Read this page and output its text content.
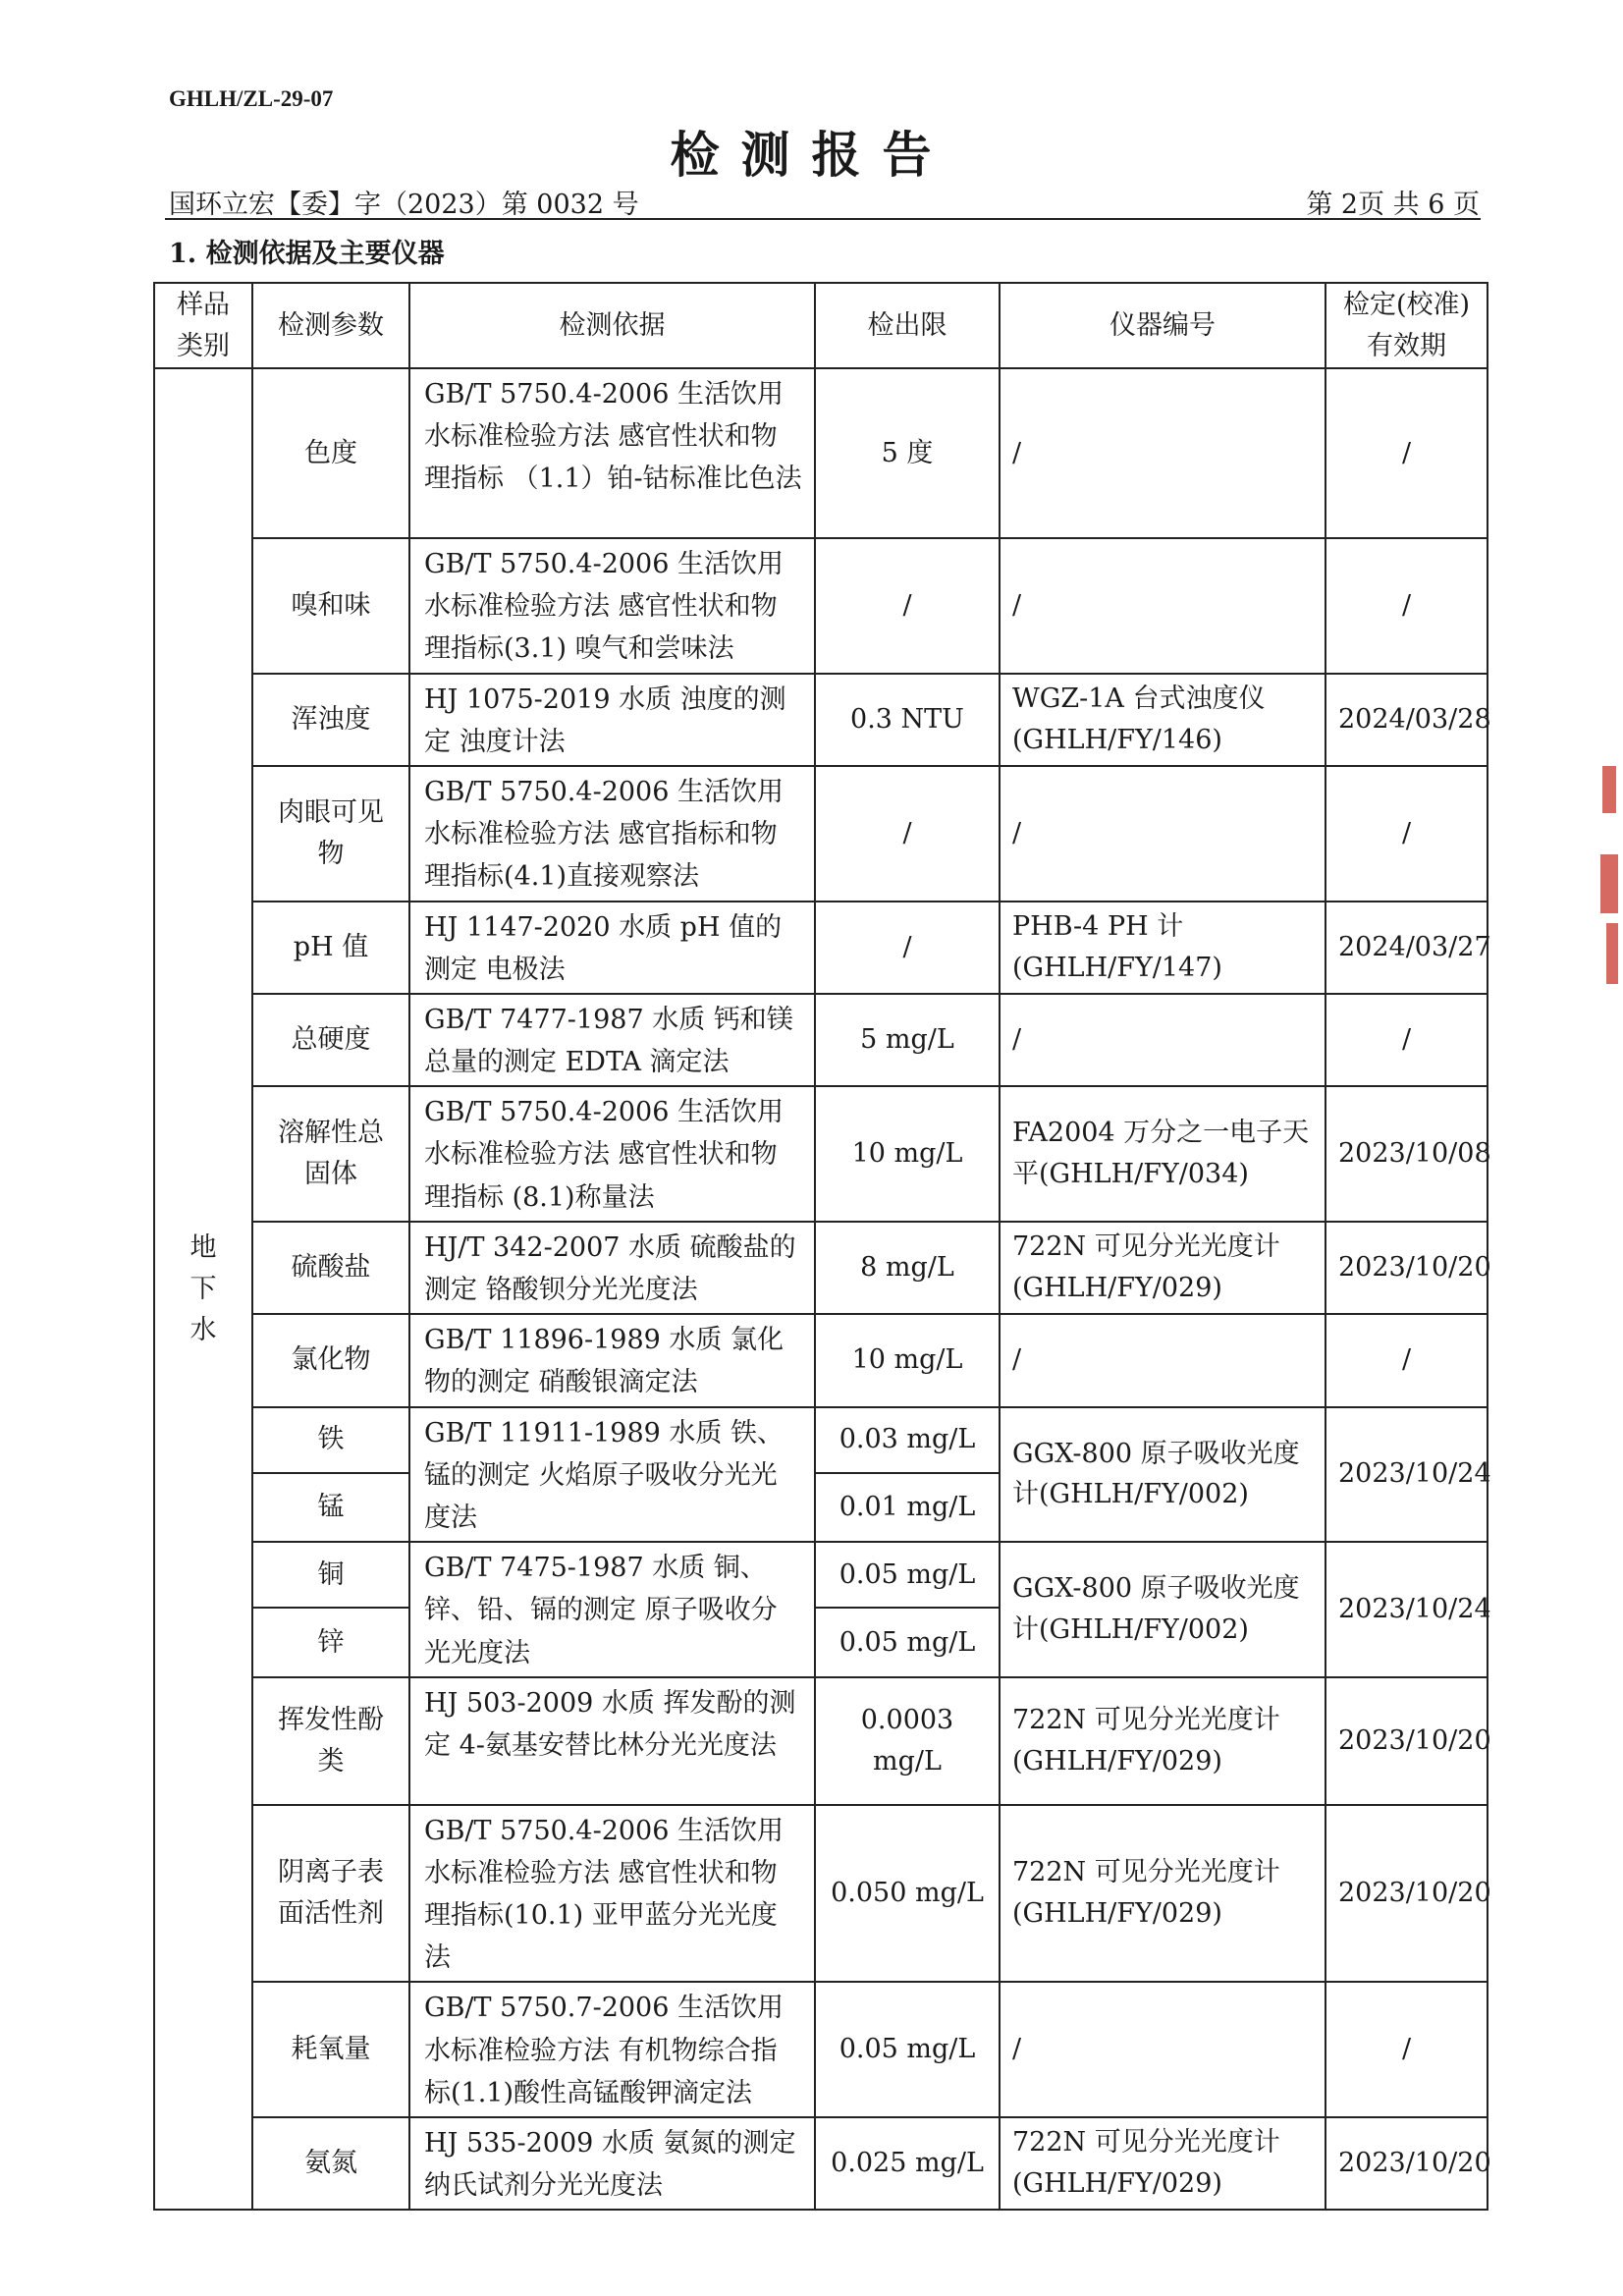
GHLH/ZL-29-07
检测报告
国环立宏【委】字（2023）第 0032 号	第 2页 共 6 页
1. 检测依据及主要仪器
样品类别	检测参数	检测依据	检出限	仪器编号	检定(校准)有效期
地下水	色度	GB/T 5750.4-2006 生活饮用水标准检验方法 感官性状和物理指标 （1.1）铂-钴标准比色法	5 度	/	/
	嗅和味	GB/T 5750.4-2006 生活饮用水标准检验方法 感官性状和物理指标(3.1) 嗅气和尝味法	/	/	/
	浑浊度	HJ 1075-2019 水质 浊度的测定 浊度计法	0.3 NTU	WGZ-1A 台式浊度仪(GHLH/FY/146)	2024/03/28
	肉眼可见物	GB/T 5750.4-2006 生活饮用水标准检验方法 感官指标和物理指标(4.1)直接观察法	/	/	/
	pH 值	HJ 1147-2020 水质 pH 值的测定 电极法	/	PHB-4 PH 计(GHLH/FY/147)	2024/03/27
	总硬度	GB/T 7477-1987 水质 钙和镁总量的测定 EDTA 滴定法	5 mg/L	/	/
	溶解性总固体	GB/T 5750.4-2006 生活饮用水标准检验方法 感官性状和物理指标 (8.1)称量法	10 mg/L	FA2004 万分之一电子天平(GHLH/FY/034)	2023/10/08
	硫酸盐	HJ/T 342-2007 水质 硫酸盐的测定 铬酸钡分光光度法	8 mg/L	722N 可见分光光度计(GHLH/FY/029)	2023/10/20
	氯化物	GB/T 11896-1989 水质 氯化物的测定 硝酸银滴定法	10 mg/L	/	/
	铁	GB/T 11911-1989 水质 铁、锰的测定 火焰原子吸收分光光度法	0.03 mg/L	GGX-800 原子吸收光度计(GHLH/FY/002)	2023/10/24
	锰		0.01 mg/L		
	铜	GB/T 7475-1987 水质 铜、锌、铅、镉的测定 原子吸收分光光度法	0.05 mg/L	GGX-800 原子吸收光度计(GHLH/FY/002)	2023/10/24
	锌		0.05 mg/L		
	挥发性酚类	HJ 503-2009 水质 挥发酚的测定 4-氨基安替比林分光光度法	0.0003 mg/L	722N 可见分光光度计(GHLH/FY/029)	2023/10/20
	阴离子表面活性剂	GB/T 5750.4-2006 生活饮用水标准检验方法 感官性状和物理指标(10.1) 亚甲蓝分光光度法	0.050 mg/L	722N 可见分光光度计(GHLH/FY/029)	2023/10/20
	耗氧量	GB/T 5750.7-2006 生活饮用水标准检验方法 有机物综合指标(1.1)酸性高锰酸钾滴定法	0.05 mg/L	/	/
	氨氮	HJ 535-2009 水质 氨氮的测定 纳氏试剂分光光度法	0.025 mg/L	722N 可见分光光度计(GHLH/FY/029)	2023/10/20
